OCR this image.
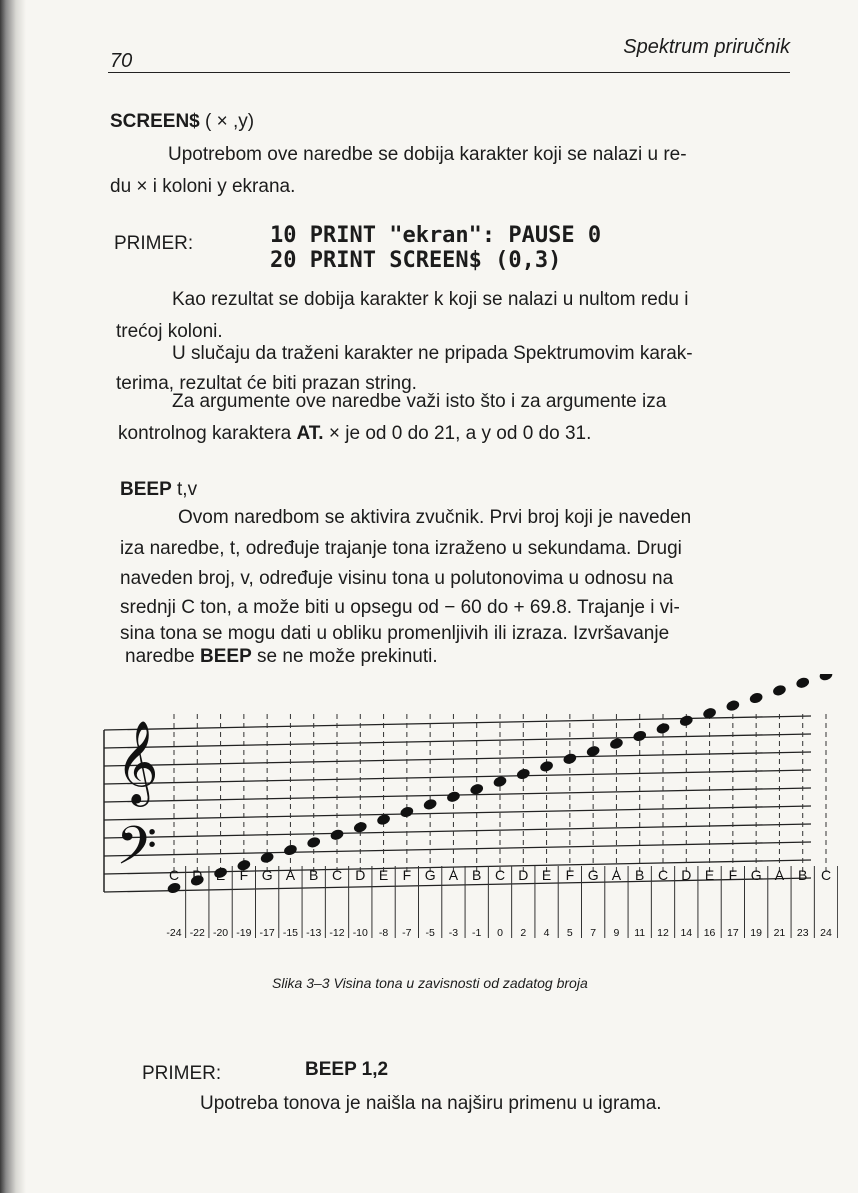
70
Spektrum priručnik
SCREEN$ ( × ,y)
Upotrebom ove naredbe se dobija karakter koji se nalazi u re-
du × i koloni y ekrana.
PRIMER:	10 PRINT "ekran": PAUSE 0
20 PRINT SCREEN$ (0,3)
Kao rezultat se dobija karakter k koji se nalazi u nultom redu i
trećoj koloni.
U slučaju da traženi karakter ne pripada Spektrumovim karak-
terima, rezultat će biti prazan string.
Za argumente ove naredbe važi isto što i za argumente iza
kontrolnog karaktera AT. × je od 0 do 21, a y od 0 do 31.
BEEP t,v
Ovom naredbom se aktivira zvučnik. Prvi broj koji je naveden
iza naredbe, t, određuje trajanje tona izraženo u sekundama. Drugi
naveden broj, v, određuje visinu tona u polutonovima u odnosu na
srednji C ton, a može biti u opsegu od − 60 do + 69.8. Trajanje i vi-
sina tona se mogu dati u obliku promenljivih ili izraza. Izvršavanje
naredbe BEEP se ne može prekinuti.
𝄞
𝄢 C
-24
D
-22
E
-20
F
-19
G
-17
A
-15
B
-13
C
-12
D
-10
E
-8
F
-7
G
-5
A
-3
B
-1
C
0
D
2
E
4
F
5
G
7
A
9
B
11
C
12
D
14
E
16
F
17
G
19
A
21
B
23
C
24
Slika 3–3 Visina tona u zavisnosti od zadatog broja
PRIMER:	BEEP 1,2
Upotreba tonova je naišla na najširu primenu u igrama.
